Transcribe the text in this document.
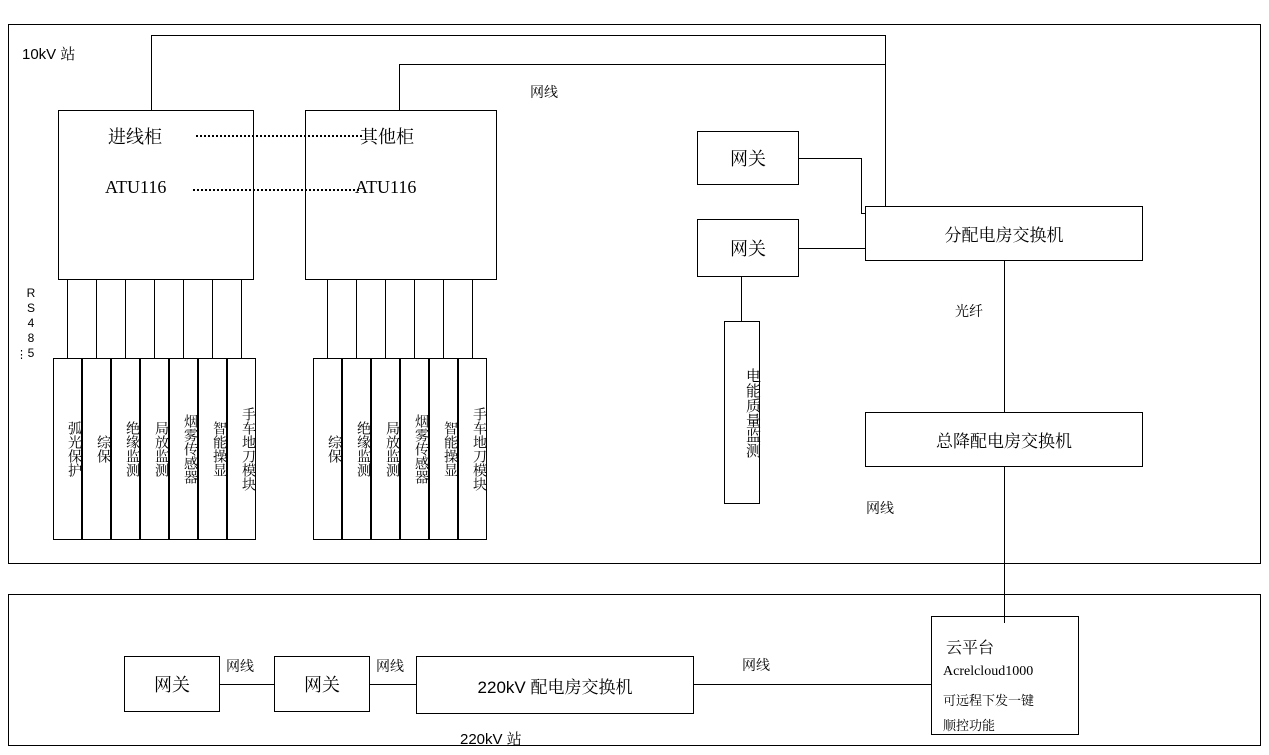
10kV 站
220kV 站
进线柜
ATU116
其他柜
ATU116
网线
R
S
4
8
5
⋮
弧光保护 综保 绝缘监测 局放监测 烟雾传感器 智能操显 手车地刀模块	综保 绝缘监测 局放监测 烟雾传感器 智能操显 手车地刀模块
网关
网关
电能质量监测
分配电房交换机
光纤
总降配电房交换机
网线
网关
网线
网关
网线
220kV 配电房交换机
网线
云平台
Acrelcloud1000
可远程下发一键
顺控功能
